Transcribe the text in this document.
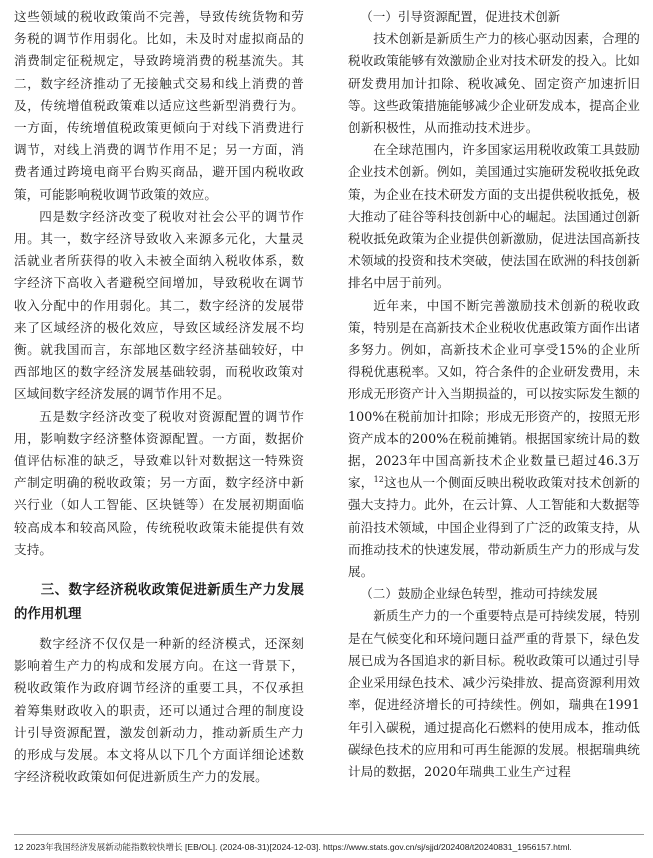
这些领域的税收政策尚不完善，导致传统货物和劳务税的调节作用弱化。比如，未及时对虚拟商品的消费制定征税规定，导致跨境消费的税基流失。其二，数字经济推动了无接触式交易和线上消费的普及，传统增值税政策难以适应这些新型消费行为。一方面，传统增值税政策更倾向于对线下消费进行调节，对线上消费的调节作用不足；另一方面，消费者通过跨境电商平台购买商品，避开国内税收政策，可能影响税收调节政策的效应。

四是数字经济改变了税收对社会公平的调节作用。其一，数字经济导致收入来源多元化，大量灵活就业者所获得的收入未被全面纳入税收体系，数字经济下高收入者避税空间增加，导致税收在调节收入分配中的作用弱化。其二，数字经济的发展带来了区域经济的极化效应，导致区域经济发展不均衡。就我国而言，东部地区数字经济基础较好，中西部地区的数字经济发展基础较弱，而税收政策对区域间数字经济发展的调节作用不足。

五是数字经济改变了税收对资源配置的调节作用，影响数字经济整体资源配置。一方面，数据价值评估标准的缺乏，导致难以针对数据这一特殊资产制定明确的税收政策；另一方面，数字经济中新兴行业（如人工智能、区块链等）在发展初期面临较高成本和较高风险，传统税收政策未能提供有效支持。

三、数字经济税收政策促进新质生产力发展的作用机理

数字经济不仅仅是一种新的经济模式，还深刻影响着生产力的构成和发展方向。在这一背景下，税收政策作为政府调节经济的重要工具，不仅承担着筹集财政收入的职责，还可以通过合理的制度设计引导资源配置，激发创新动力，推动新质生产力的形成与发展。本文将从以下几个方面详细论述数字经济税收政策如何促进新质生产力的发展。

（一）引导资源配置，促进技术创新

技术创新是新质生产力的核心驱动因素，合理的税收政策能够有效激励企业对技术研发的投入。比如研发费用加计扣除、税收减免、固定资产加速折旧等。这些政策措施能够减少企业研发成本，提高企业创新积极性，从而推动技术进步。

在全球范围内，许多国家运用税收政策工具鼓励企业技术创新。例如，美国通过实施研发税收抵免政策，为企业在技术研发方面的支出提供税收抵免，极大推动了硅谷等科技创新中心的崛起。法国通过创新税收抵免政策为企业提供创新激励，促进法国高新技术领域的投资和技术突破，使法国在欧洲的科技创新排名中居于前列。

近年来，中国不断完善激励技术创新的税收政策，特别是在高新技术企业税收优惠政策方面作出诸多努力。例如，高新技术企业可享受15%的企业所得税优惠税率。又如，符合条件的企业研发费用，未形成无形资产计入当期损益的，可以按实际发生额的100%在税前加计扣除；形成无形资产的，按照无形资产成本的200%在税前摊销。根据国家统计局的数据，2023年中国高新技术企业数量已超过46.3万家，$^{12}$这也从一个侧面反映出税收政策对技术创新的强大支持力。此外，在云计算、人工智能和大数据等前沿技术领域，中国企业得到了广泛的政策支持，从而推动技术的快速发展，带动新质生产力的形成与发展。

（二）鼓励企业绿色转型，推动可持续发展

新质生产力的一个重要特点是可持续发展，特别是在气候变化和环境问题日益严重的背景下，绿色发展已成为各国追求的新目标。税收政策可以通过引导企业采用绿色技术、减少污染排放、提高资源利用效率，促进经济增长的可持续性。例如，瑞典在1991年引入碳税，通过提高化石燃料的使用成本，推动低碳绿色技术的应用和可再生能源的发展。根据瑞典统计局的数据，2020年瑞典工业生产过程

12 2023年我国经济发展新动能指数较快增长 [EB/OL]. (2024-08-31)[2024-12-03]. https://www.stats.gov.cn/sj/sjjd/202408/t20240831_1956157.html.
